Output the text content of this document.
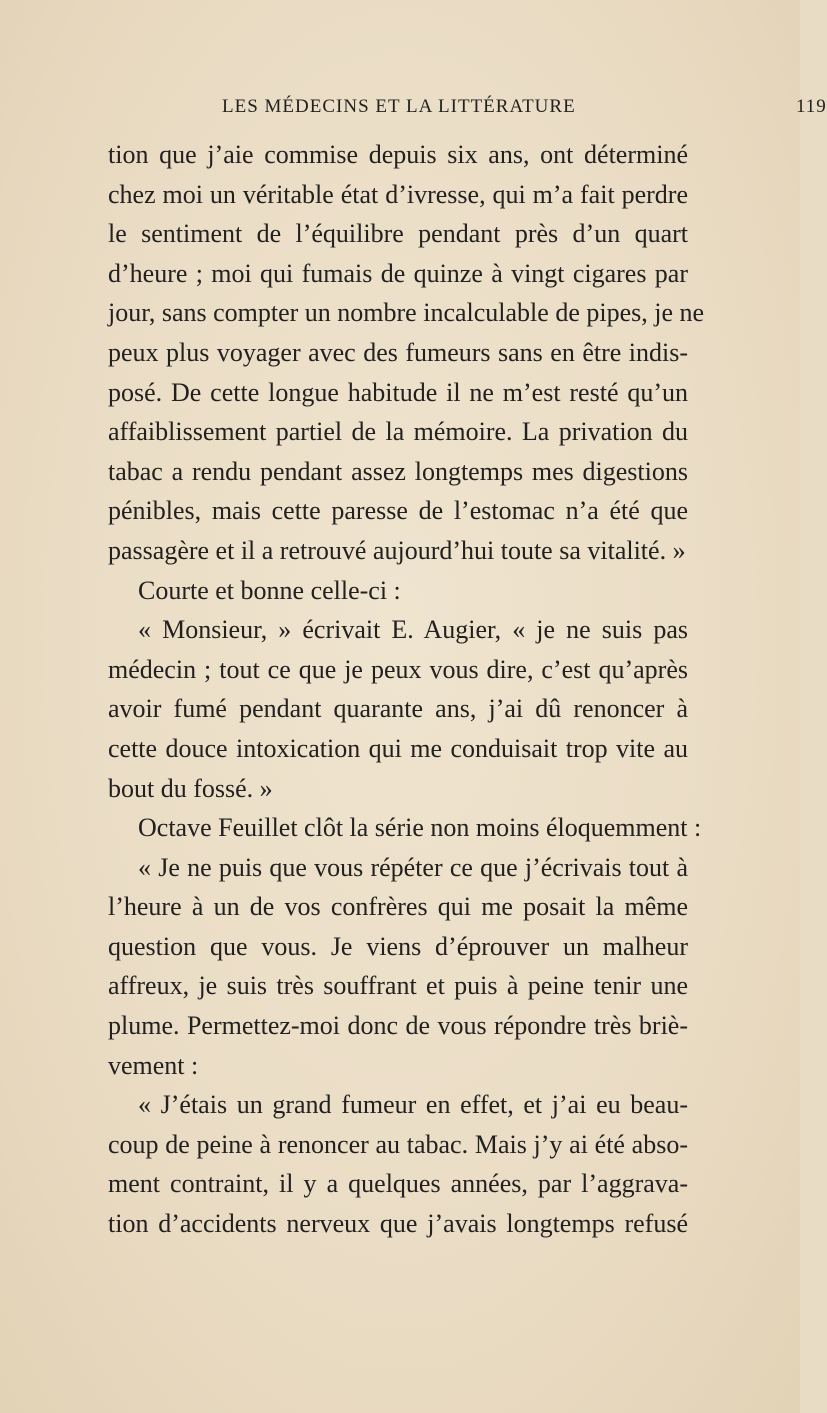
LES MÉDECINS ET LA LITTÉRATURE	119
tion que j’aie commise depuis six ans, ont déterminé
chez moi un véritable état d’ivresse, qui m’a fait perdre
le sentiment de l’équilibre pendant près d’un quart
d’heure ; moi qui fumais de quinze à vingt cigares par
jour, sans compter un nombre incalculable de pipes, je ne
peux plus voyager avec des fumeurs sans en être indis-
posé. De cette longue habitude il ne m’est resté qu’un
affaiblissement partiel de la mémoire. La privation du
tabac a rendu pendant assez longtemps mes digestions
pénibles, mais cette paresse de l’estomac n’a été que
passagère et il a retrouvé aujourd’hui toute sa vitalité. »
Courte et bonne celle-ci :
« Monsieur, » écrivait E. Augier, « je ne suis pas
médecin ; tout ce que je peux vous dire, c’est qu’après
avoir fumé pendant quarante ans, j’ai dû renoncer à
cette douce intoxication qui me conduisait trop vite au
bout du fossé. »
Octave Feuillet clôt la série non moins éloquemment :
« Je ne puis que vous répéter ce que j’écrivais tout à
l’heure à un de vos confrères qui me posait la même
question que vous. Je viens d’éprouver un malheur
affreux, je suis très souffrant et puis à peine tenir une
plume. Permettez-moi donc de vous répondre très briè-
vement :
« J’étais un grand fumeur en effet, et j’ai eu beau-
coup de peine à renoncer au tabac. Mais j’y ai été abso-
ment contraint, il y a quelques années, par l’aggrava-
tion d’accidents nerveux que j’avais longtemps refusé
